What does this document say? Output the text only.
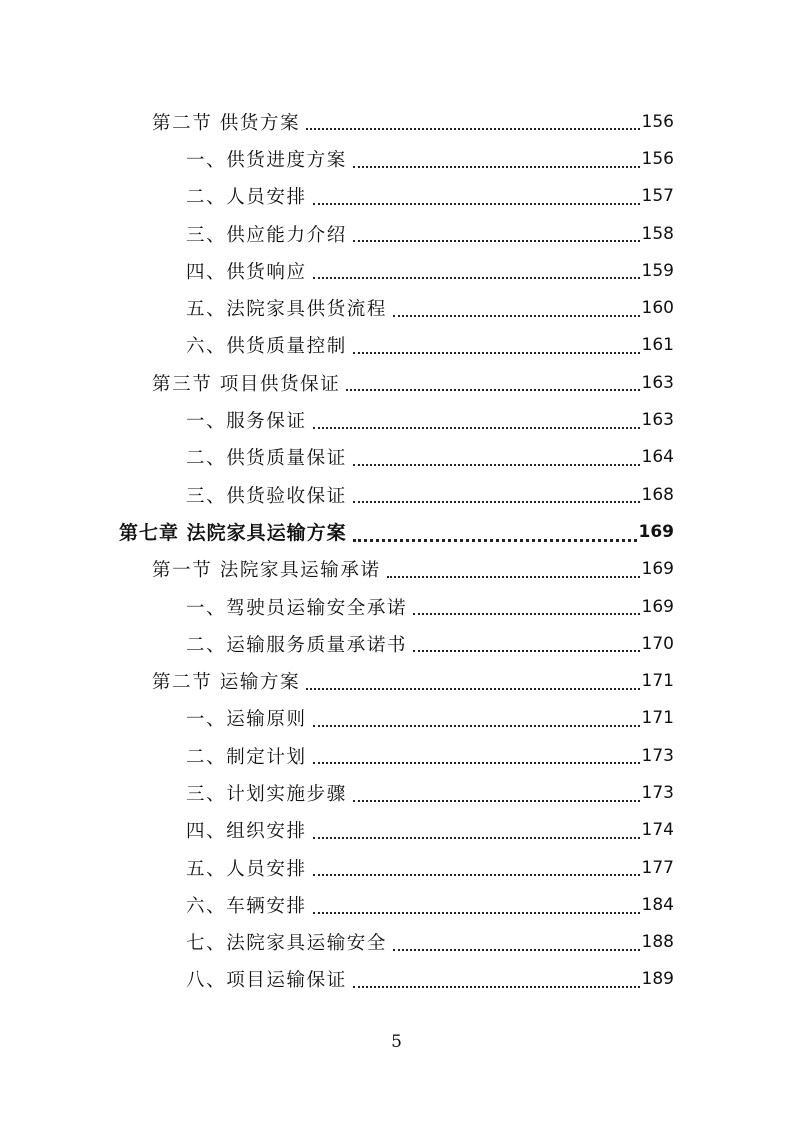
第二节 供货方案	156
一、供货进度方案	156
二、人员安排	157
三、供应能力介绍	158
四、供货响应	159
五、法院家具供货流程	160
六、供货质量控制	161
第三节 项目供货保证	163
一、服务保证	163
二、供货质量保证	164
三、供货验收保证	168
第七章 法院家具运输方案	169
第一节 法院家具运输承诺	169
一、驾驶员运输安全承诺	169
二、运输服务质量承诺书	170
第二节 运输方案	171
一、运输原则	171
二、制定计划	173
三、计划实施步骤	173
四、组织安排	174
五、人员安排	177
六、车辆安排	184
七、法院家具运输安全	188
八、项目运输保证	189
5
